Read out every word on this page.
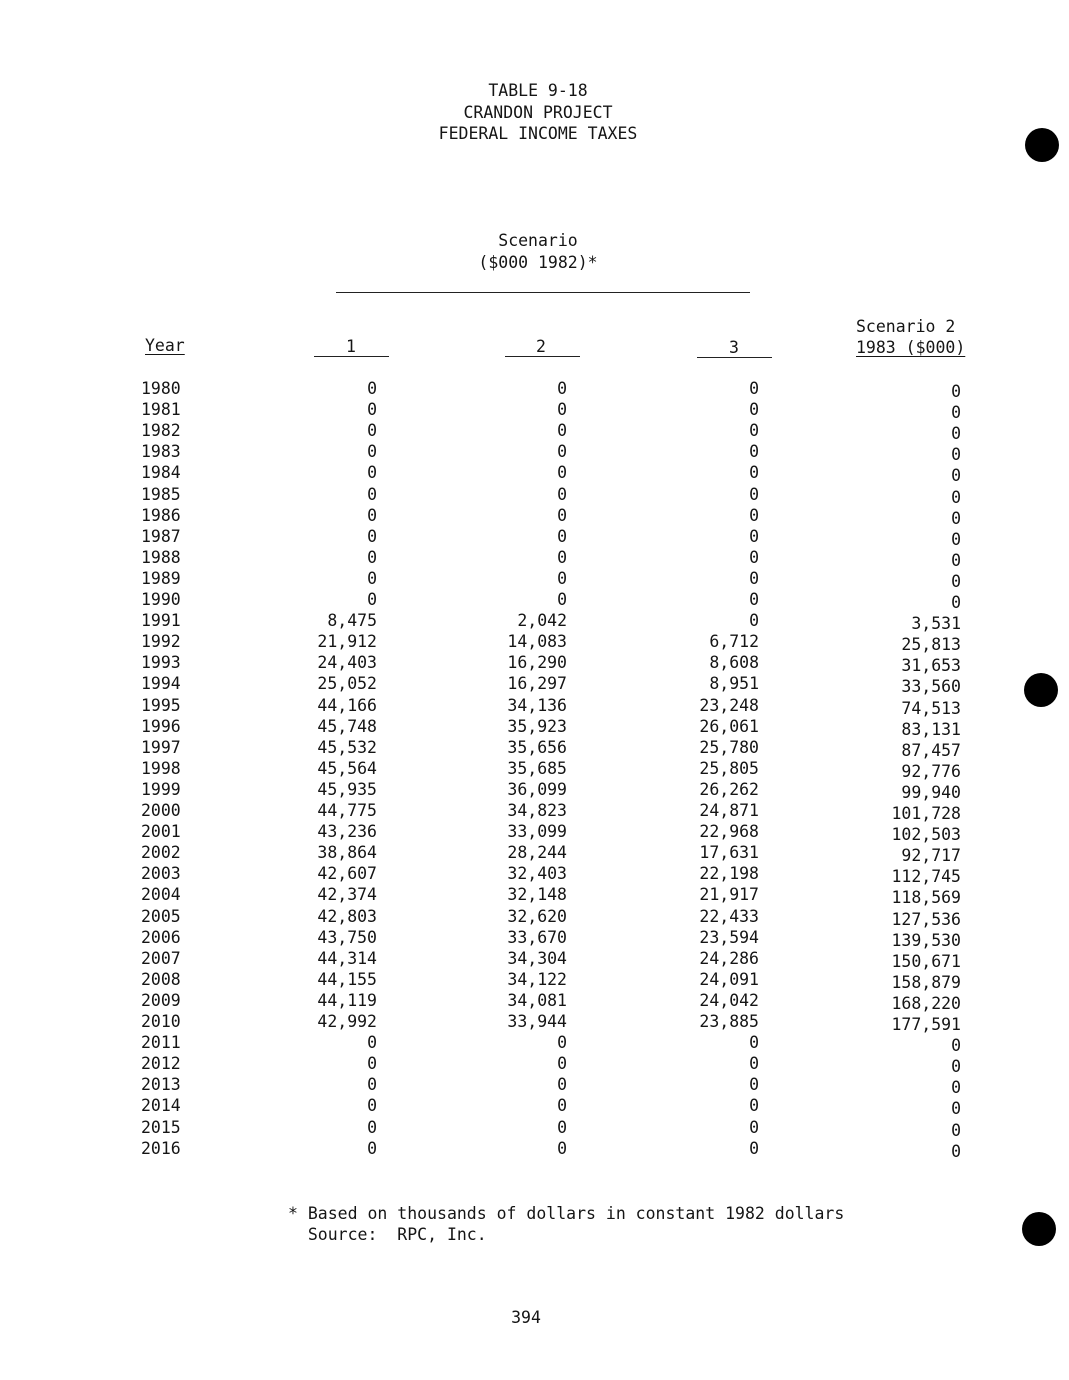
TABLE 9-18
CRANDON PROJECT
FEDERAL INCOME TAXES
Scenario
($000 1982)*
Year	1	2	3
Scenario 2
1983 ($000)
1980	0	0	0	0
1981	0	0	0	0
1982	0	0	0	0
1983	0	0	0	0
1984	0	0	0	0
1985	0	0	0	0
1986	0	0	0	0
1987	0	0	0	0
1988	0	0	0	0
1989	0	0	0	0
1990	0	0	0	0
1991	8,475	2,042	0	3,531
1992	21,912	14,083	6,712	25,813
1993	24,403	16,290	8,608	31,653
1994	25,052	16,297	8,951	33,560
1995	44,166	34,136	23,248	74,513
1996	45,748	35,923	26,061	83,131
1997	45,532	35,656	25,780	87,457
1998	45,564	35,685	25,805	92,776
1999	45,935	36,099	26,262	99,940
2000	44,775	34,823	24,871	101,728
2001	43,236	33,099	22,968	102,503
2002	38,864	28,244	17,631	92,717
2003	42,607	32,403	22,198	112,745
2004	42,374	32,148	21,917	118,569
2005	42,803	32,620	22,433	127,536
2006	43,750	33,670	23,594	139,530
2007	44,314	34,304	24,286	150,671
2008	44,155	34,122	24,091	158,879
2009	44,119	34,081	24,042	168,220
2010	42,992	33,944	23,885	177,591
2011	0	0	0	0
2012	0	0	0	0
2013	0	0	0	0
2014	0	0	0	0
2015	0	0	0	0
2016	0	0	0	0
* Based on thousands of dollars in constant 1982 dollars
Source:  RPC, Inc.
394
